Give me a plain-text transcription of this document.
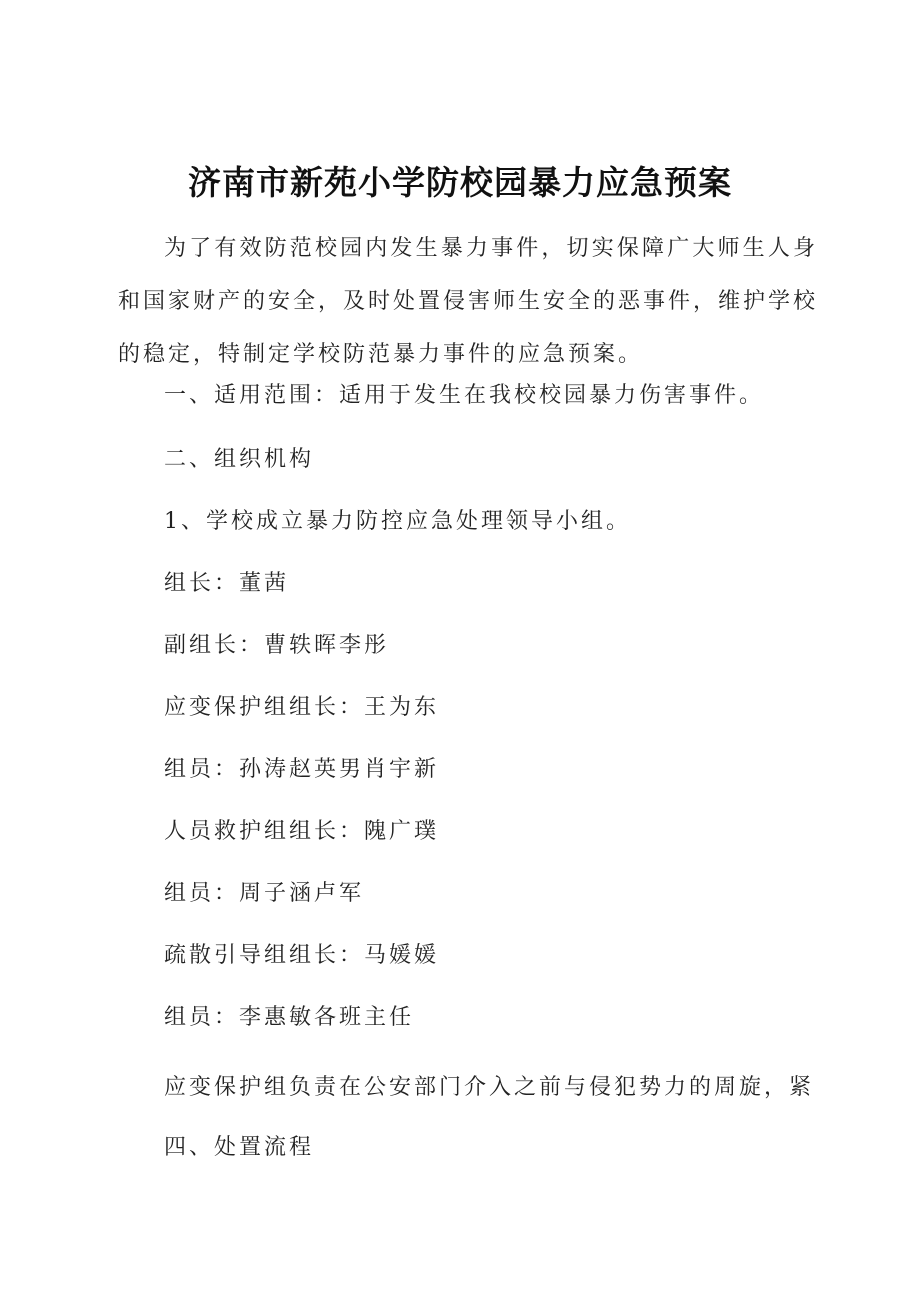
济南市新苑小学防校园暴力应急预案

为了有效防范校园内发生暴力事件，切实保障广大师生人身和国家财产的安全，及时处置侵害师生安全的恶事件，维护学校的稳定，特制定学校防范暴力事件的应急预案。

一、适用范围：适用于发生在我校校园暴力伤害事件。

二、组织机构

1、学校成立暴力防控应急处理领导小组。

组长：董茜

副组长：曹轶晖李彤

应变保护组组长：王为东

组员：孙涛赵英男肖宇新

人员救护组组长：隗广璞

组员：周子涵卢军

疏散引导组组长：马媛媛

组员：李惠敏各班主任

应变保护组负责在公安部门介入之前与侵犯势力的周旋，紧

四、处置流程
